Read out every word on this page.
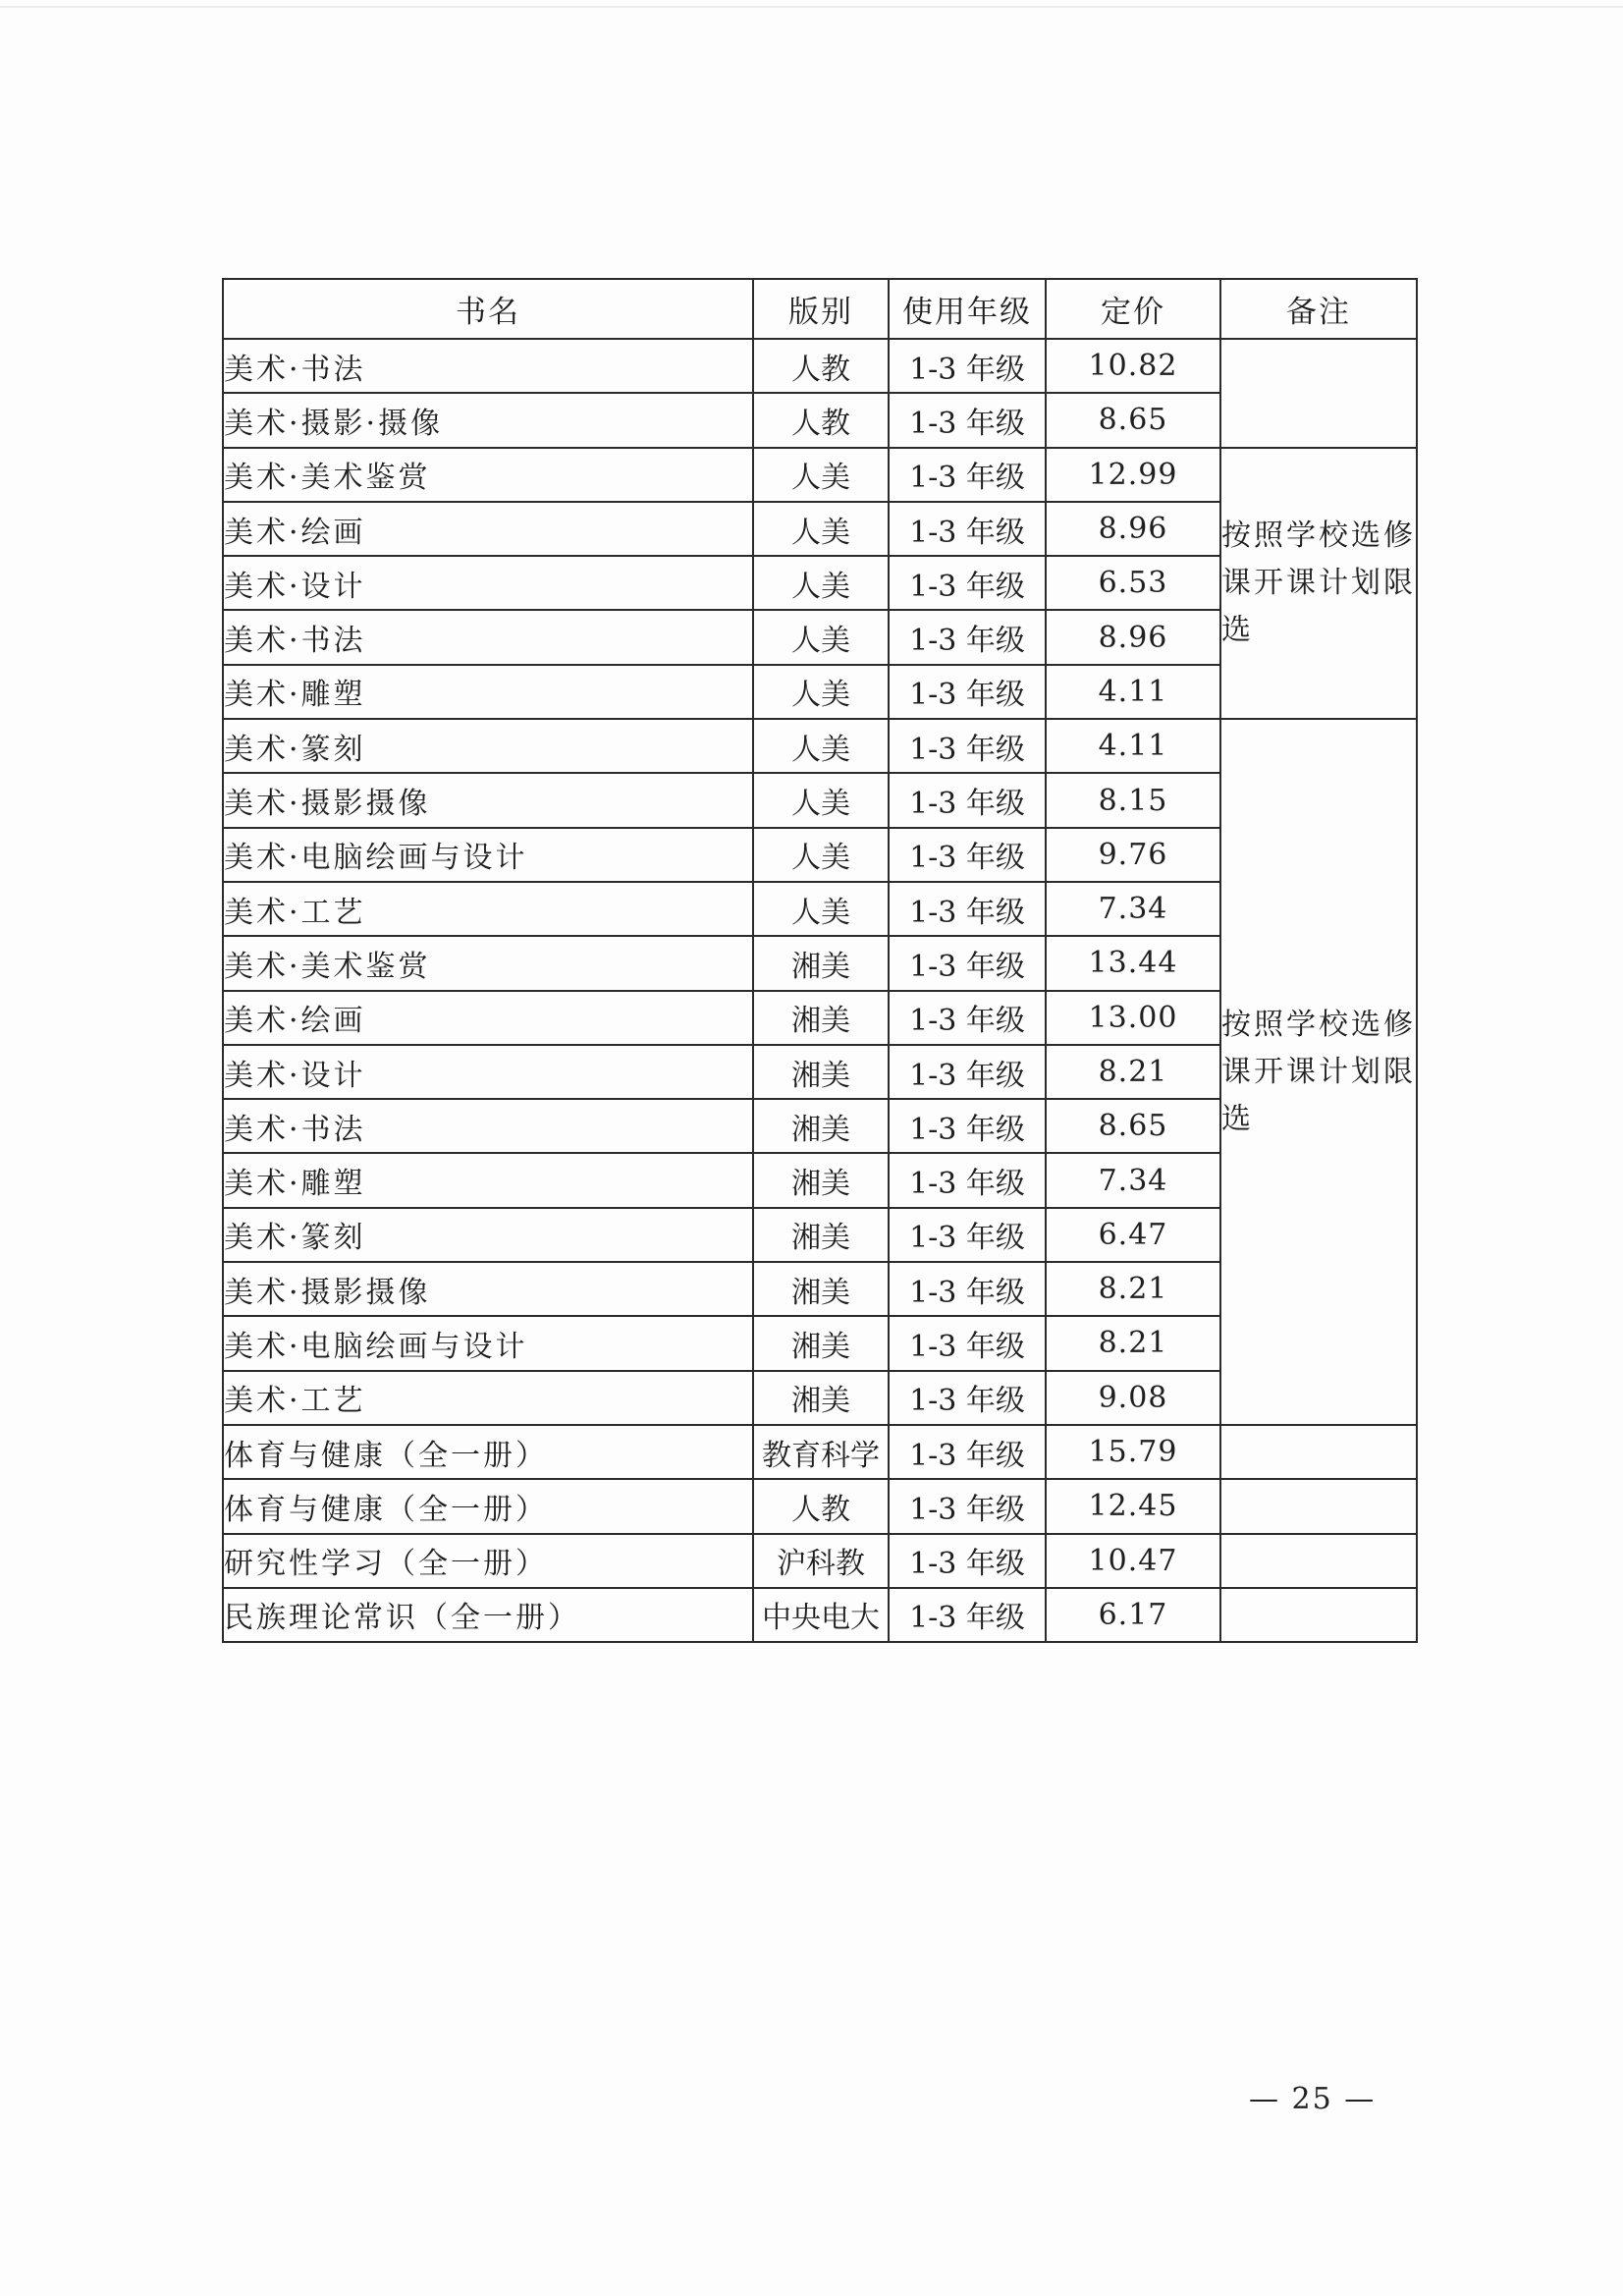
书名	版别	使用年级	定价	备注
美术·书法	人教	1-3 年级	10.82	
美术·摄影·摄像	人教	1-3 年级	8.65	
美术·美术鉴赏	人美	1-3 年级	12.99	按照学校选修课开课计划限选
美术·绘画	人美	1-3 年级	8.96	
美术·设计	人美	1-3 年级	6.53	
美术·书法	人美	1-3 年级	8.96	
美术·雕塑	人美	1-3 年级	4.11	
美术·篆刻	人美	1-3 年级	4.11	按照学校选修课开课计划限选
美术·摄影摄像	人美	1-3 年级	8.15	
美术·电脑绘画与设计	人美	1-3 年级	9.76	
美术·工艺	人美	1-3 年级	7.34	
美术·美术鉴赏	湘美	1-3 年级	13.44	
美术·绘画	湘美	1-3 年级	13.00	
美术·设计	湘美	1-3 年级	8.21	
美术·书法	湘美	1-3 年级	8.65	
美术·雕塑	湘美	1-3 年级	7.34	
美术·篆刻	湘美	1-3 年级	6.47	
美术·摄影摄像	湘美	1-3 年级	8.21	
美术·电脑绘画与设计	湘美	1-3 年级	8.21	
美术·工艺	湘美	1-3 年级	9.08	
体育与健康（全一册）	教育科学	1-3 年级	15.79	
体育与健康（全一册）	人教	1-3 年级	12.45	
研究性学习（全一册）	沪科教	1-3 年级	10.47	
民族理论常识（全一册）	中央电大	1-3 年级	6.17	
— 25 —
